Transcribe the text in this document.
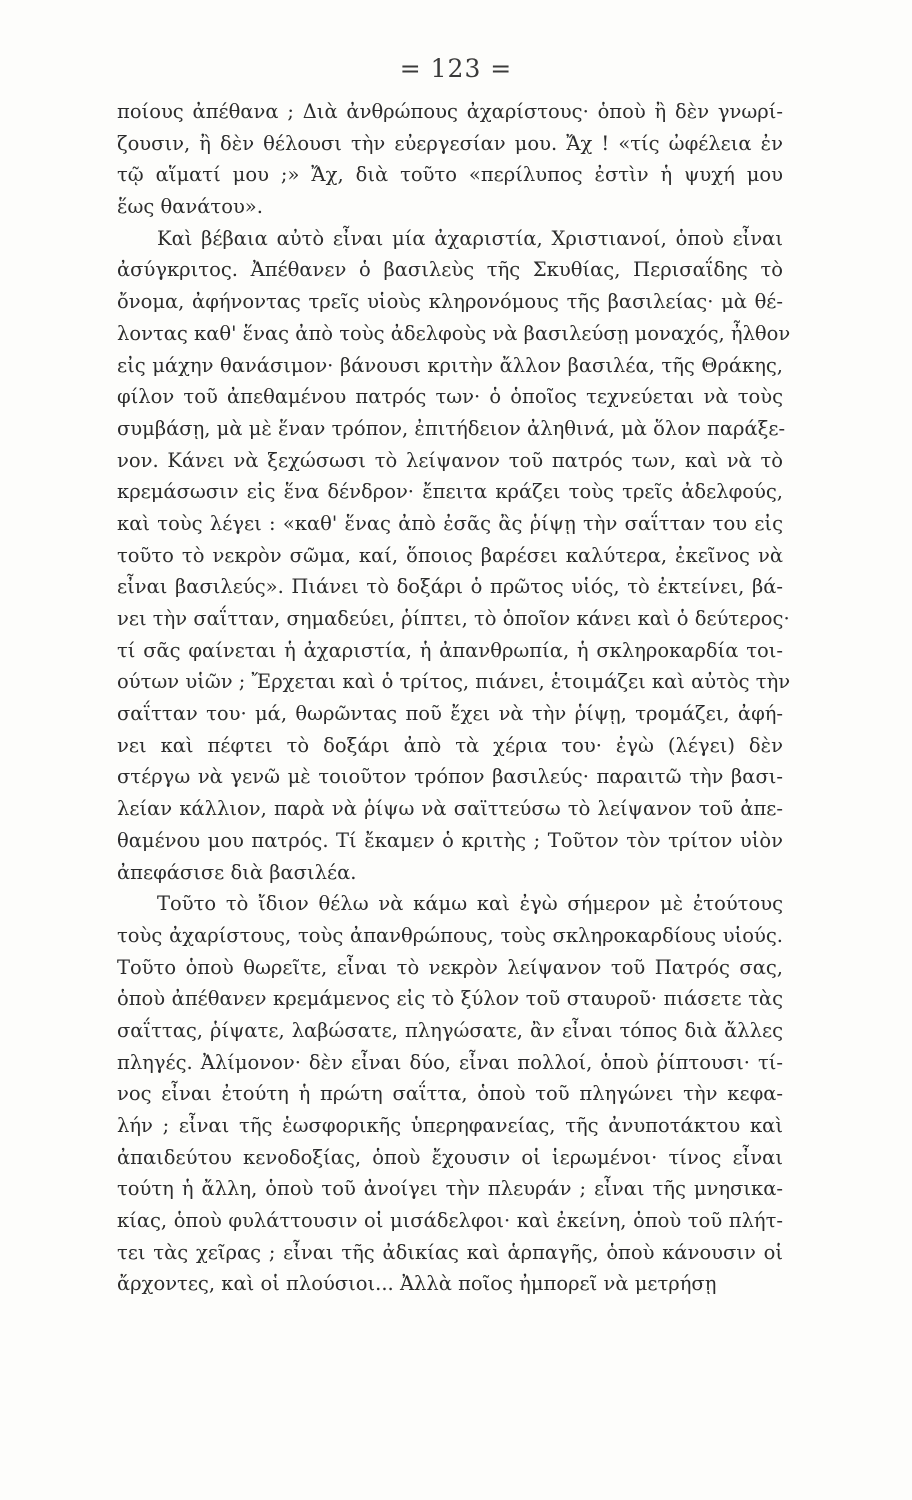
= 123 =
ποίους ἀπέθανα ; Διὰ ἀνθρώπους ἀχαρίστους· ὁποὺ ἢ δὲν γνωρί-
ζουσιν, ἢ δὲν θέλουσι τὴν εὐεργεσίαν μου. Ἄχ ! «τίς ὠφέλεια ἐν
τῷ αἵματί μου ;» Ἄχ, διὰ τοῦτο «περίλυπος ἐστὶν ἡ ψυχή μου
ἕως θανάτου».
Καὶ βέβαια αὐτὸ εἶναι μία ἀχαριστία, Χριστιανοί, ὁποὺ εἶναι
ἀσύγκριτος. Ἀπέθανεν ὁ βασιλεὺς τῆς Σκυθίας, Περισαΐδης τὸ
ὄνομα, ἀφήνοντας τρεῖς υἱοὺς κληρονόμους τῆς βασιλείας· μὰ θέ-
λοντας καθ' ἕνας ἀπὸ τοὺς ἀδελφοὺς νὰ βασιλεύσῃ μοναχός, ἦλθον
εἰς μάχην θανάσιμον· βάνουσι κριτὴν ἄλλον βασιλέα, τῆς Θράκης,
φίλον τοῦ ἀπεθαμένου πατρός των· ὁ ὁποῖος τεχνεύεται νὰ τοὺς
συμβάσῃ, μὰ μὲ ἕναν τρόπον, ἐπιτήδειον ἀληθινά, μὰ ὅλον παράξε-
νον. Κάνει νὰ ξεχώσωσι τὸ λείψανον τοῦ πατρός των, καὶ νὰ τὸ
κρεμάσωσιν εἰς ἕνα δένδρον· ἔπειτα κράζει τοὺς τρεῖς ἀδελφούς,
καὶ τοὺς λέγει : «καθ' ἕνας ἀπὸ ἐσᾶς ἂς ῥίψῃ τὴν σαΐτταν του εἰς
τοῦτο τὸ νεκρὸν σῶμα, καί, ὅποιος βαρέσει καλύτερα, ἐκεῖνος νὰ
εἶναι βασιλεύς». Πιάνει τὸ δοξάρι ὁ πρῶτος υἱός, τὸ ἐκτείνει, βά-
νει τὴν σαΐτταν, σημαδεύει, ῥίπτει, τὸ ὁποῖον κάνει καὶ ὁ δεύτερος·
τί σᾶς φαίνεται ἡ ἀχαριστία, ἡ ἀπανθρωπία, ἡ σκληροκαρδία τοι-
ούτων υἱῶν ; Ἔρχεται καὶ ὁ τρίτος, πιάνει, ἑτοιμάζει καὶ αὐτὸς τὴν
σαΐτταν του· μά, θωρῶντας ποῦ ἔχει νὰ τὴν ῥίψῃ, τρομάζει, ἀφή-
νει καὶ πέφτει τὸ δοξάρι ἀπὸ τὰ χέρια του· ἐγὼ (λέγει) δὲν
στέργω νὰ γενῶ μὲ τοιοῦτον τρόπον βασιλεύς· παραιτῶ τὴν βασι-
λείαν κάλλιον, παρὰ νὰ ῥίψω νὰ σαϊττεύσω τὸ λείψανον τοῦ ἀπε-
θαμένου μου πατρός. Τί ἔκαμεν ὁ κριτὴς ; Τοῦτον τὸν τρίτον υἱὸν
ἀπεφάσισε διὰ βασιλέα.
Τοῦτο τὸ ἴδιον θέλω νὰ κάμω καὶ ἐγὼ σήμερον μὲ ἐτούτους
τοὺς ἀχαρίστους, τοὺς ἀπανθρώπους, τοὺς σκληροκαρδίους υἱούς.
Τοῦτο ὁποὺ θωρεῖτε, εἶναι τὸ νεκρὸν λείψανον τοῦ Πατρός σας,
ὁποὺ ἀπέθανεν κρεμάμενος εἰς τὸ ξύλον τοῦ σταυροῦ· πιάσετε τὰς
σαΐττας, ῥίψατε, λαβώσατε, πληγώσατε, ἂν εἶναι τόπος διὰ ἄλλες
πληγές. Ἀλίμονον· δὲν εἶναι δύο, εἶναι πολλοί, ὁποὺ ῥίπτουσι· τί-
νος εἶναι ἐτούτη ἡ πρώτη σαΐττα, ὁποὺ τοῦ πληγώνει τὴν κεφα-
λήν ; εἶναι τῆς ἑωσφορικῆς ὑπερηφανείας, τῆς ἀνυποτάκτου καὶ
ἀπαιδεύτου κενοδοξίας, ὁποὺ ἔχουσιν οἱ ἱερωμένοι· τίνος εἶναι
τούτη ἡ ἄλλη, ὁποὺ τοῦ ἀνοίγει τὴν πλευράν ; εἶναι τῆς μνησικα-
κίας, ὁποὺ φυλάττουσιν οἱ μισάδελφοι· καὶ ἐκείνη, ὁποὺ τοῦ πλήτ-
τει τὰς χεῖρας ; εἶναι τῆς ἀδικίας καὶ ἁρπαγῆς, ὁποὺ κάνουσιν οἱ
ἄρχοντες, καὶ οἱ πλούσιοι... Ἀλλὰ ποῖος ἠμπορεῖ νὰ μετρήσῃ
